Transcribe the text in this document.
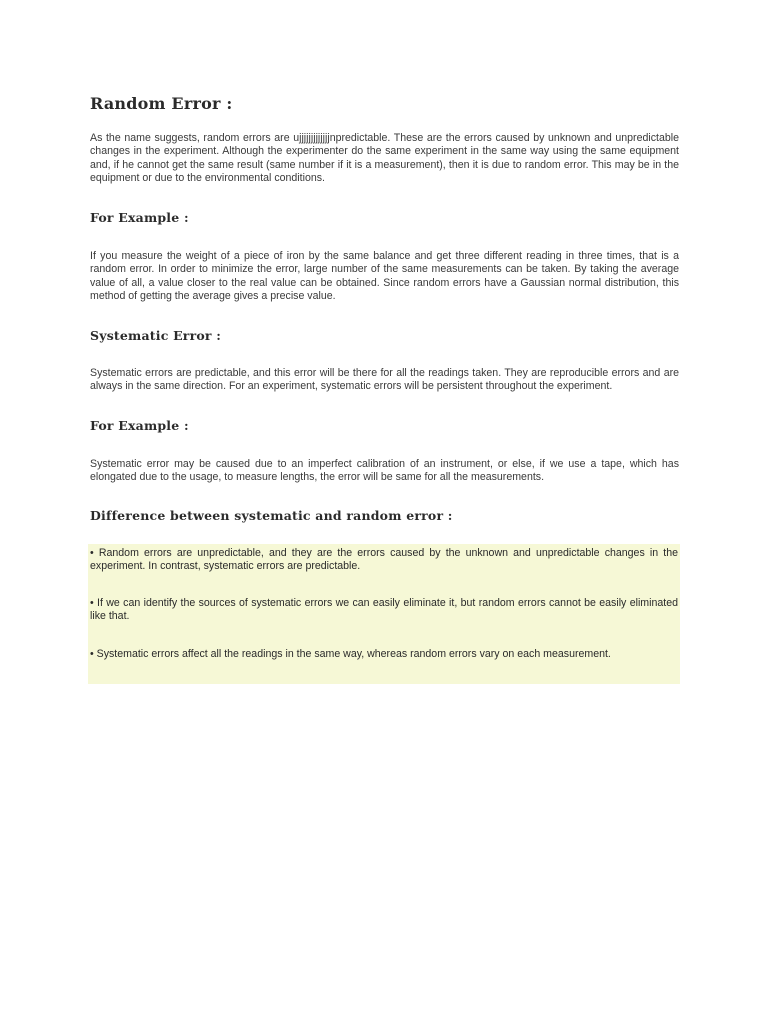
Random Error :

As the name suggests, random errors are ujjjjjjjjjjjjjnpredictable. These are the errors caused by unknown and unpredictable changes in the experiment. Although the experimenter do the same experiment in the same way using the same equipment and, if he cannot get the same result (same number if it is a measurement), then it is due to random error. This may be in the equipment or due to the environmental conditions.

For Example :

If you measure the weight of a piece of iron by the same balance and get three different reading in three times, that is a random error. In order to minimize the error, large number of the same measurements can be taken. By taking the average value of all, a value closer to the real value can be obtained. Since random errors have a Gaussian normal distribution, this method of getting the average gives a precise value.

Systematic Error :

Systematic errors are predictable, and this error will be there for all the readings taken. They are reproducible errors and are always in the same direction. For an experiment, systematic errors will be persistent throughout the experiment.

For Example :

Systematic error may be caused due to an imperfect calibration of an instrument, or else, if we use a tape, which has elongated due to the usage, to measure lengths, the error will be same for all the measurements.

Difference between systematic and random error :

• Random errors are unpredictable, and they are the errors caused by the unknown and unpredictable changes in the experiment. In contrast, systematic errors are predictable.

• If we can identify the sources of systematic errors we can easily eliminate it, but random errors cannot be easily eliminated like that.

• Systematic errors affect all the readings in the same way, whereas random errors vary on each measurement.
